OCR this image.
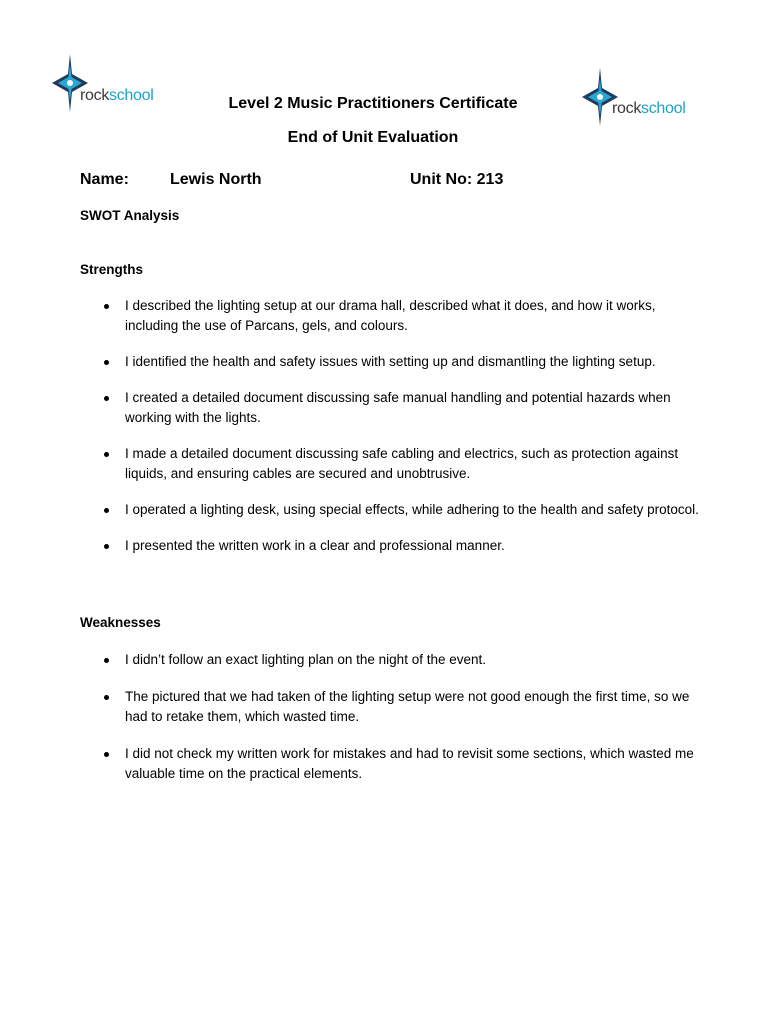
rockschool
rockschool
Level 2 Music Practitioners Certificate
End of Unit Evaluation
Name:	Lewis North	Unit No: 213
SWOT Analysis
Strengths
I described the lighting setup at our drama hall, described what it does, and how it works, including the use of Parcans, gels, and colours.
I identified the health and safety issues with setting up and dismantling the lighting setup.
I created a detailed document discussing safe manual handling and potential hazards when working with the lights.
I made a detailed document discussing safe cabling and electrics, such as protection against liquids, and ensuring cables are secured and unobtrusive.
I operated a lighting desk, using special effects, while adhering to the health and safety protocol.
I presented the written work in a clear and professional manner.
Weaknesses
I didn’t follow an exact lighting plan on the night of the event.
The pictured that we had taken of the lighting setup were not good enough the first time, so we had to retake them, which wasted time.
I did not check my written work for mistakes and had to revisit some sections, which wasted me valuable time on the practical elements.
